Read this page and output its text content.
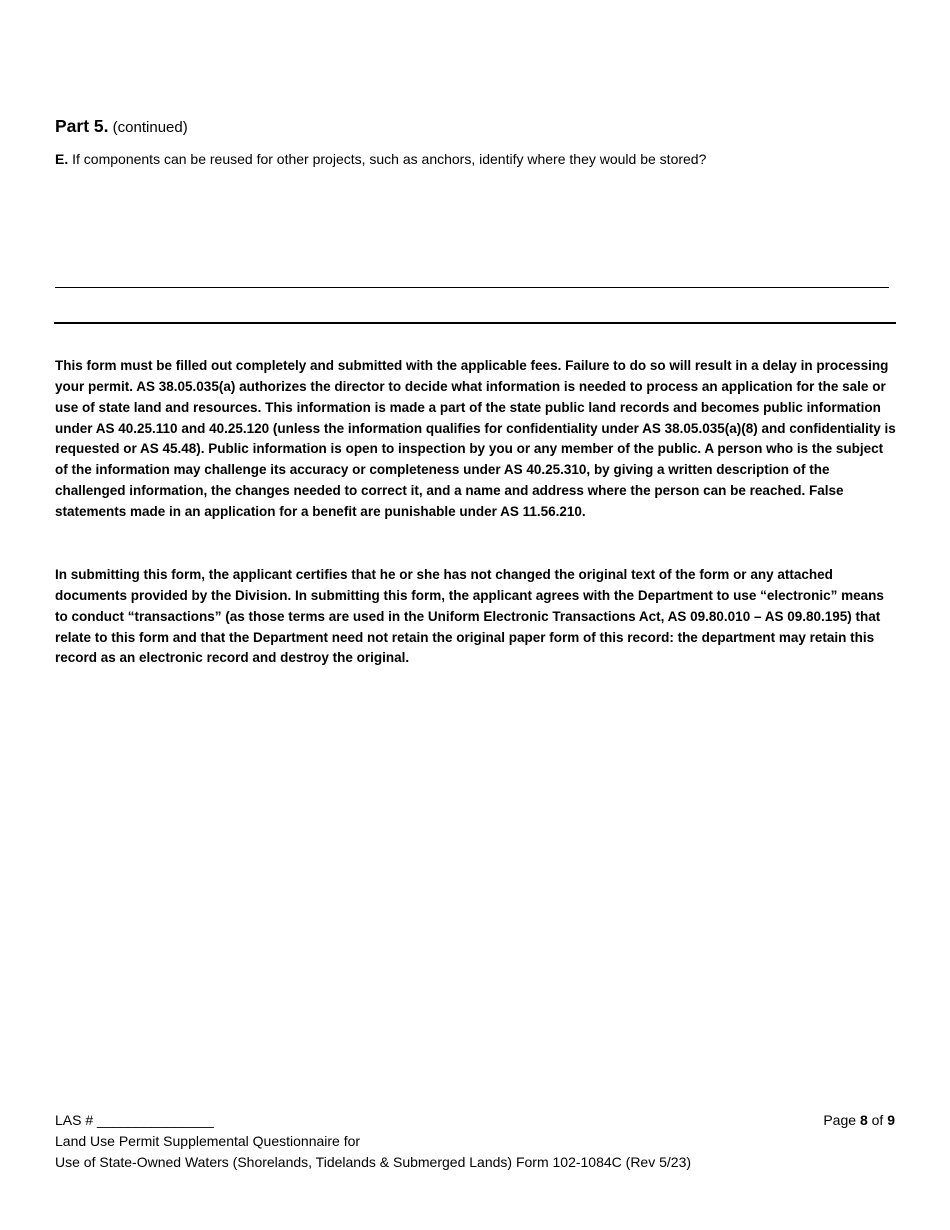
Part 5. (continued)
E. If components can be reused for other projects, such as anchors, identify where they would be stored?
This form must be filled out completely and submitted with the applicable fees. Failure to do so will result in a delay in processing your permit. AS 38.05.035(a) authorizes the director to decide what information is needed to process an application for the sale or use of state land and resources. This information is made a part of the state public land records and becomes public information under AS 40.25.110 and 40.25.120 (unless the information qualifies for confidentiality under AS 38.05.035(a)(8) and confidentiality is requested or AS 45.48). Public information is open to inspection by you or any member of the public. A person who is the subject of the information may challenge its accuracy or completeness under AS 40.25.310, by giving a written description of the challenged information, the changes needed to correct it, and a name and address where the person can be reached. False statements made in an application for a benefit are punishable under AS 11.56.210.
In submitting this form, the applicant certifies that he or she has not changed the original text of the form or any attached documents provided by the Division. In submitting this form, the applicant agrees with the Department to use “electronic” means to conduct “transactions” (as those terms are used in the Uniform Electronic Transactions Act, AS 09.80.010 – AS 09.80.195) that relate to this form and that the Department need not retain the original paper form of this record: the department may retain this record as an electronic record and destroy the original.
LAS # _______________	Page 8 of 9
Land Use Permit Supplemental Questionnaire for
Use of State-Owned Waters (Shorelands, Tidelands & Submerged Lands) Form 102-1084C (Rev 5/23)
